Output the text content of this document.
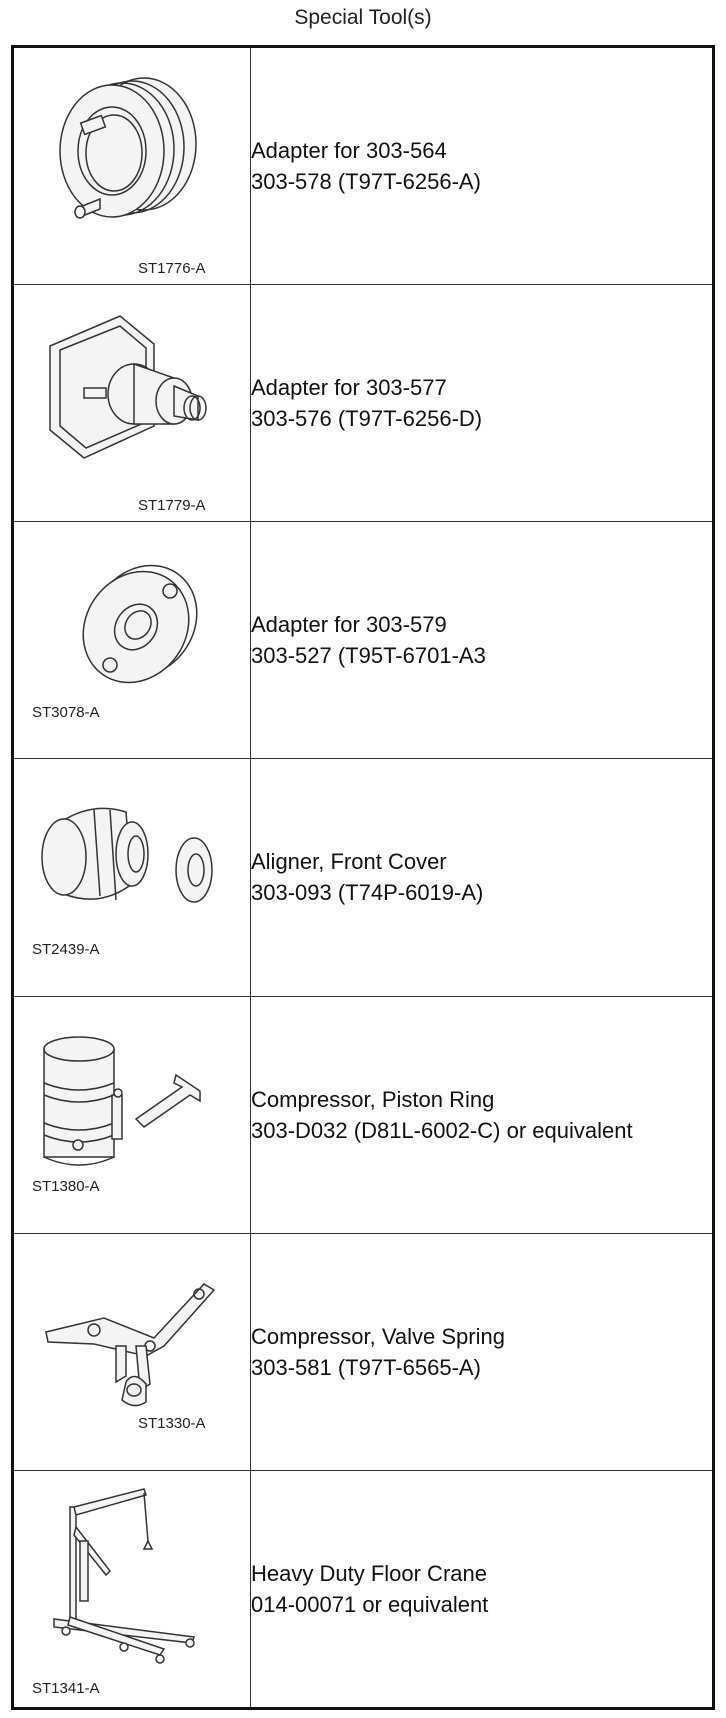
Special Tool(s)
ST1776-A	Adapter for 303-564
303-578 (T97T-6256-A)

ST1779-A	Adapter for 303-577
303-576 (T97T-6256-D)

ST3078-A	Adapter for 303-579
303-527 (T95T-6701-A3

ST2439-A	Aligner, Front Cover
303-093 (T74P-6019-A)

ST1380-A	Compressor, Piston Ring
303-D032 (D81L-6002-C) or equivalent

ST1330-A	Compressor, Valve Spring
303-581 (T97T-6565-A)

ST1341-A	Heavy Duty Floor Crane
014-00071 or equivalent
